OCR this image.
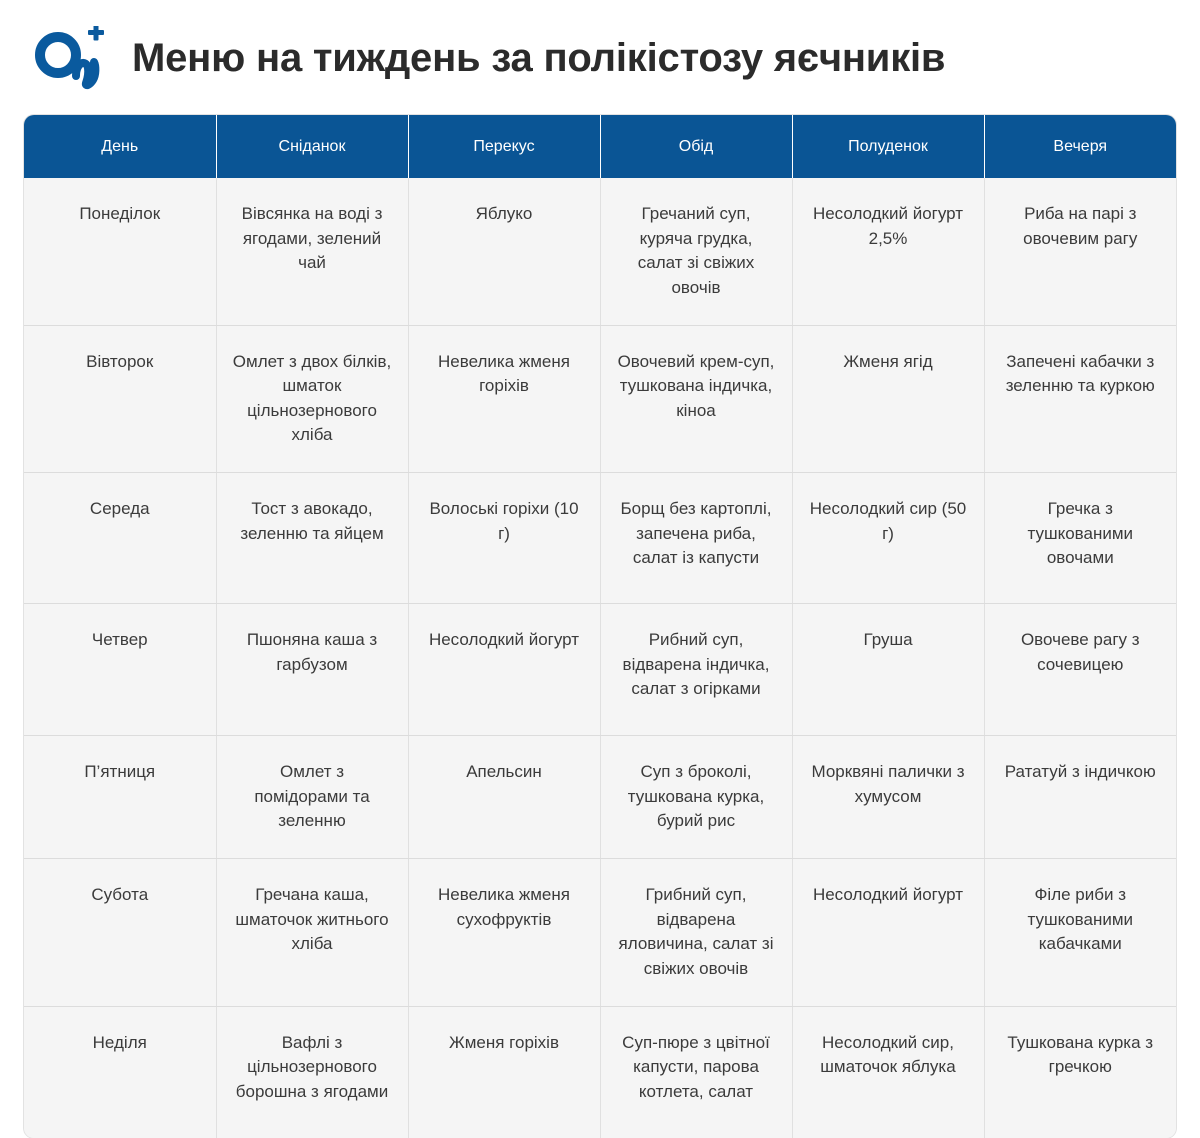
Меню на тиждень за полікістозу яєчників
День	Сніданок	Перекус	Обід	Полуденок	Вечеря
Понеділок	Вівсянка на воді з ягодами, зелений чай	Яблуко	Гречаний суп, куряча грудка, салат зі свіжих овочів	Несолодкий йогурт 2,5%	Риба на парі з овочевим рагу
Вівторок	Омлет з двох білків, шматок цільнозернового хліба	Невелика жменя горіхів	Овочевий крем-суп, тушкована індичка, кіноа	Жменя ягід	Запечені кабачки з зеленню та куркою
Середа	Тост з авокадо, зеленню та яйцем	Волоські горіхи (10 г)	Борщ без картоплі, запечена риба, салат із капусти	Несолодкий сир (50 г)	Гречка з тушкованими овочами
Четвер	Пшоняна каша з гарбузом	Несолодкий йогурт	Рибний суп, відварена індичка, салат з огірками	Груша	Овочеве рагу з сочевицею
П’ятниця	Омлет з помідорами та зеленню	Апельсин	Суп з броколі, тушкована курка, бурий рис	Морквяні палички з хумусом	Рататуй з індичкою
Субота	Гречана каша, шматочок житнього хліба	Невелика жменя сухофруктів	Грибний суп, відварена яловичина, салат зі свіжих овочів	Несолодкий йогурт	Філе риби з тушкованими кабачками
Неділя	Вафлі з цільнозернового борошна з ягодами	Жменя горіхів	Суп-пюре з цвітної капусти, парова котлета, салат	Несолодкий сир, шматочок яблука	Тушкована курка з гречкою
